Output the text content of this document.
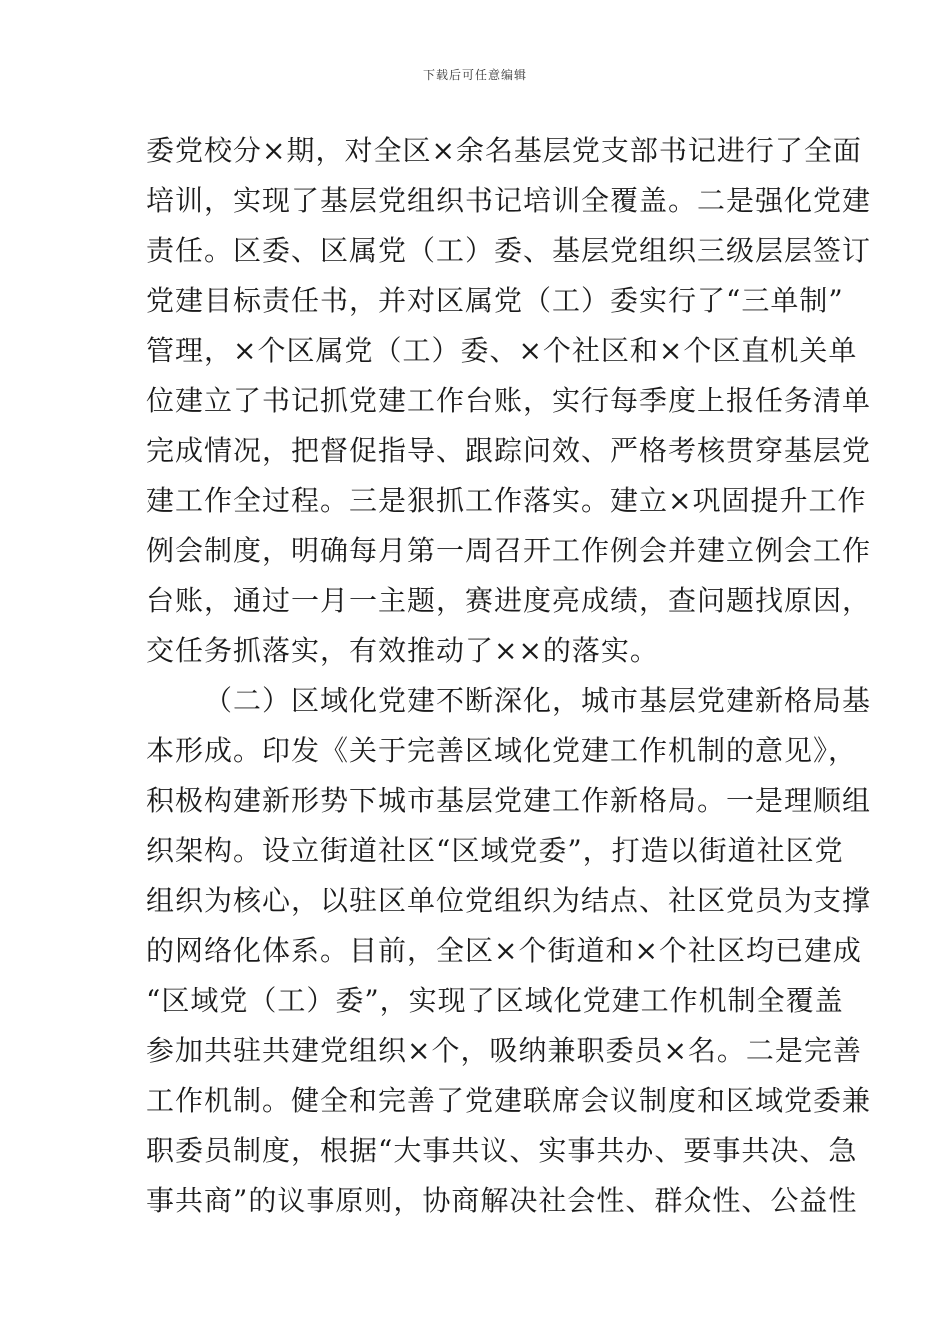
下载后可任意编辑
委党校分×期，对全区×余名基层党支部书记进行了全面
培训，实现了基层党组织书记培训全覆盖。二是强化党建
责任。区委、区属党（工）委、基层党组织三级层层签订
党建目标责任书，并对区属党（工）委实行了“三单制”
管理，×个区属党（工）委、×个社区和×个区直机关单
位建立了书记抓党建工作台账，实行每季度上报任务清单
完成情况，把督促指导、跟踪问效、严格考核贯穿基层党
建工作全过程。三是狠抓工作落实。建立×巩固提升工作
例会制度，明确每月第一周召开工作例会并建立例会工作
台账，通过一月一主题，赛进度亮成绩，查问题找原因，
交任务抓落实，有效推动了××的落实。
（二）区域化党建不断深化，城市基层党建新格局基
本形成。印发《关于完善区域化党建工作机制的意见》，
积极构建新形势下城市基层党建工作新格局。一是理顺组
织架构。设立街道社区“区域党委”，打造以街道社区党
组织为核心，以驻区单位党组织为结点、社区党员为支撑
的网络化体系。目前，全区×个街道和×个社区均已建成
“区域党（工）委”，实现了区域化党建工作机制全覆盖
参加共驻共建党组织×个，吸纳兼职委员×名。二是完善
工作机制。健全和完善了党建联席会议制度和区域党委兼
职委员制度，根据“大事共议、实事共办、要事共决、急
事共商”的议事原则，协商解决社会性、群众性、公益性
